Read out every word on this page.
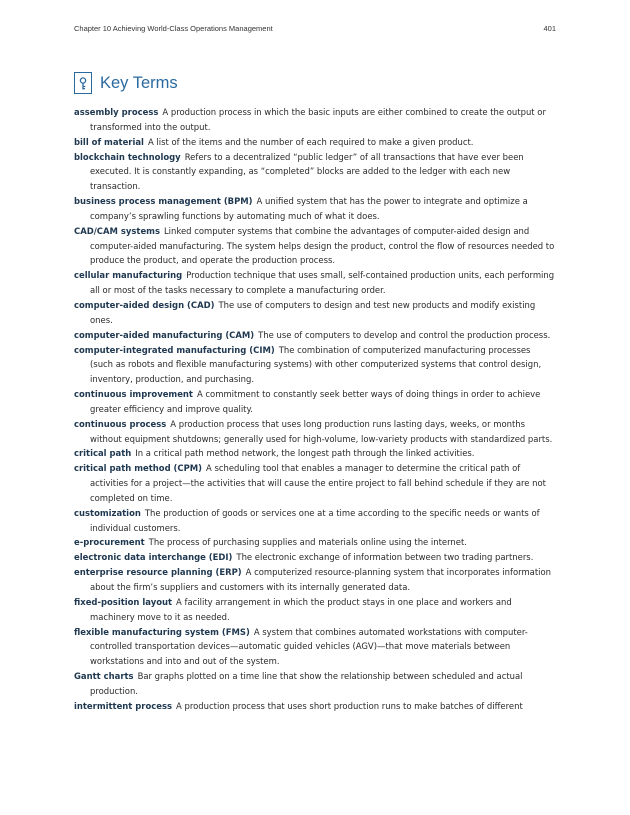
Chapter 10 Achieving World-Class Operations Management	401
Key Terms

assembly process A production process in which the basic inputs are either combined to create the output or transformed into the output.

bill of material A list of the items and the number of each required to make a given product.

blockchain technology Refers to a decentralized “public ledger” of all transactions that have ever been executed. It is constantly expanding, as “completed” blocks are added to the ledger with each new transaction.

business process management (BPM) A unified system that has the power to integrate and optimize a company’s sprawling functions by automating much of what it does.

CAD/CAM systems Linked computer systems that combine the advantages of computer-aided design and computer-aided manufacturing. The system helps design the product, control the flow of resources needed to produce the product, and operate the production process.

cellular manufacturing Production technique that uses small, self-contained production units, each performing all or most of the tasks necessary to complete a manufacturing order.

computer-aided design (CAD) The use of computers to design and test new products and modify existing ones.

computer-aided manufacturing (CAM) The use of computers to develop and control the production process.

computer-integrated manufacturing (CIM) The combination of computerized manufacturing processes (such as robots and flexible manufacturing systems) with other computerized systems that control design, inventory, production, and purchasing.

continuous improvement A commitment to constantly seek better ways of doing things in order to achieve greater efficiency and improve quality.

continuous process A production process that uses long production runs lasting days, weeks, or months without equipment shutdowns; generally used for high-volume, low-variety products with standardized parts.

critical path In a critical path method network, the longest path through the linked activities.

critical path method (CPM) A scheduling tool that enables a manager to determine the critical path of activities for a project—the activities that will cause the entire project to fall behind schedule if they are not completed on time.

customization The production of goods or services one at a time according to the specific needs or wants of individual customers.

e-procurement The process of purchasing supplies and materials online using the internet.

electronic data interchange (EDI) The electronic exchange of information between two trading partners.

enterprise resource planning (ERP) A computerized resource-planning system that incorporates information about the firm’s suppliers and customers with its internally generated data.

fixed-position layout A facility arrangement in which the product stays in one place and workers and machinery move to it as needed.

flexible manufacturing system (FMS) A system that combines automated workstations with computer-controlled transportation devices—automatic guided vehicles (AGV)—that move materials between workstations and into and out of the system.

Gantt charts Bar graphs plotted on a time line that show the relationship between scheduled and actual production.

intermittent process A production process that uses short production runs to make batches of different
